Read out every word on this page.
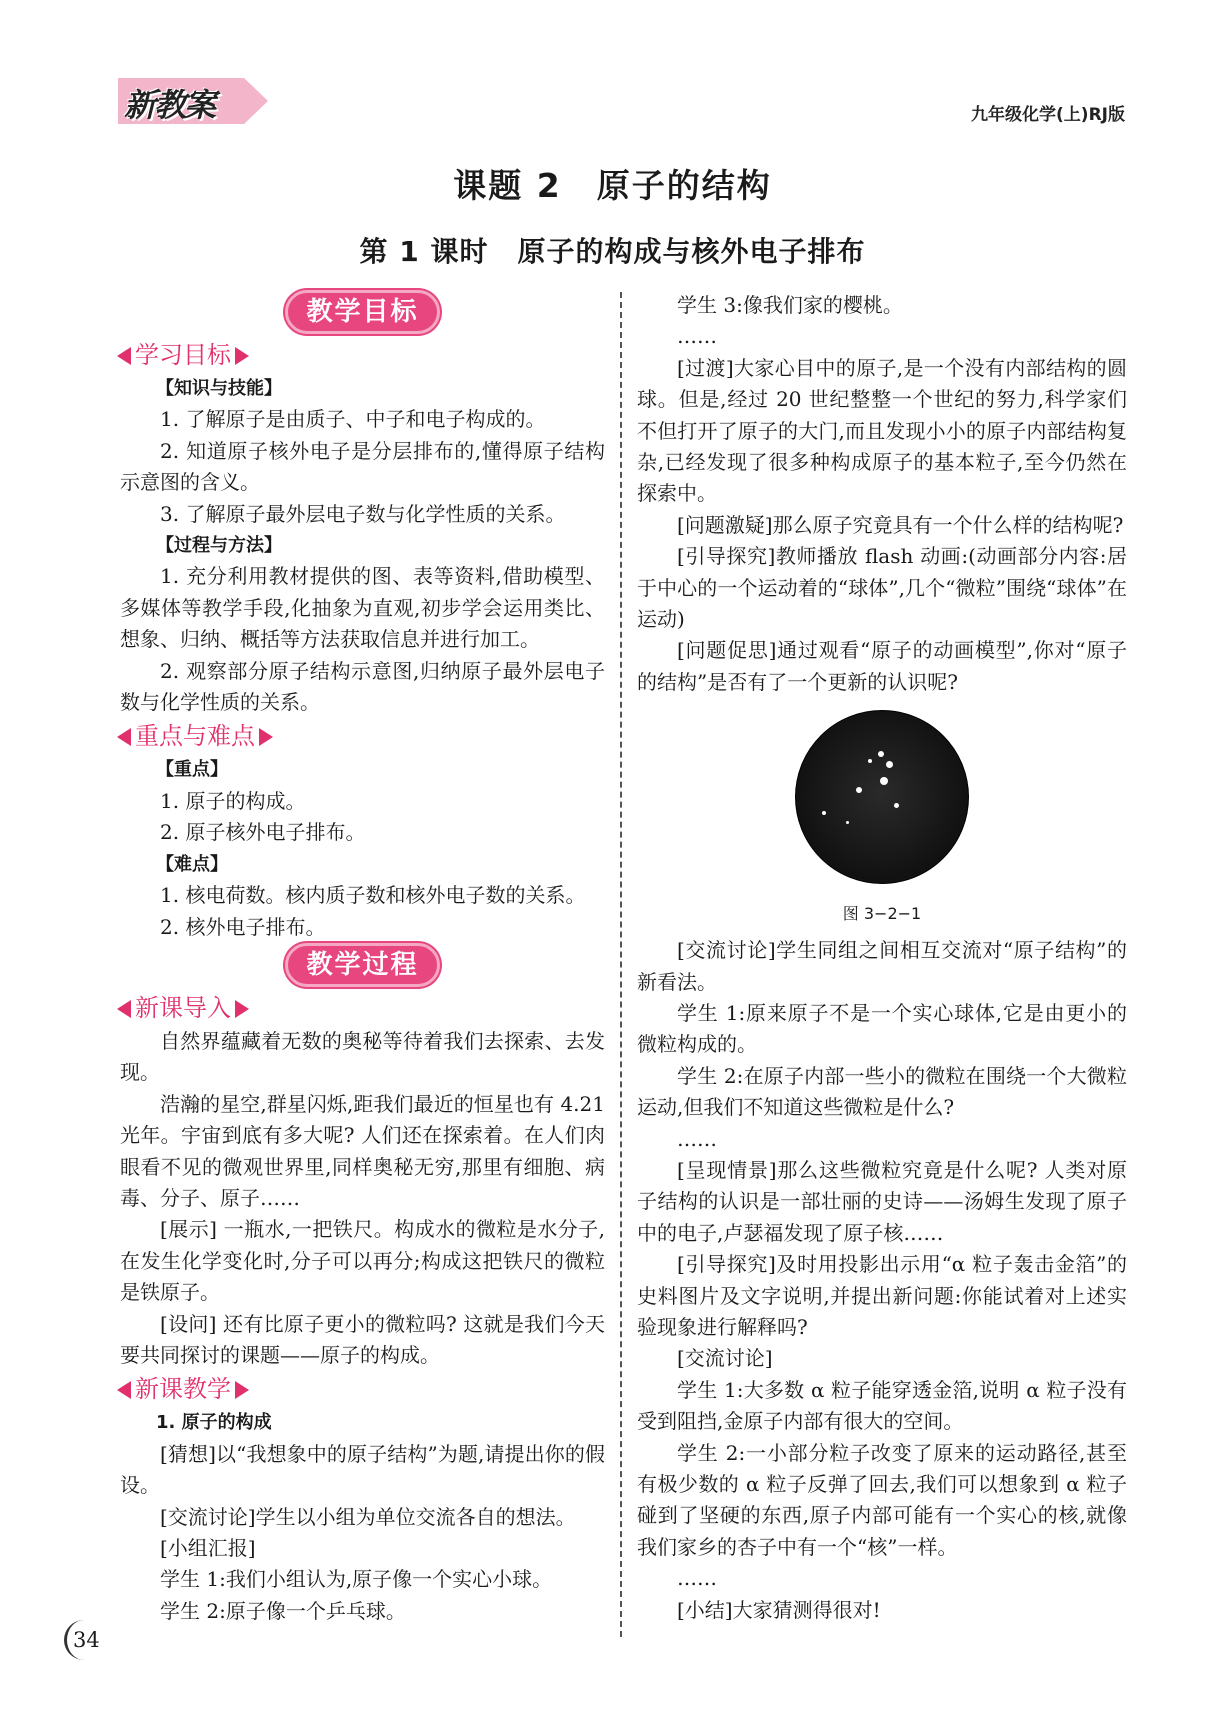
新教案	九年级化学(上)RJ版
课题 2　原子的结构
第 1 课时　原子的构成与核外电子排布
教学目标
学习目标

【知识与技能】

1. 了解原子是由质子、中子和电子构成的。

2. 知道原子核外电子是分层排布的,懂得原子结构示意图的含义。

3. 了解原子最外层电子数与化学性质的关系。

【过程与方法】

1. 充分利用教材提供的图、表等资料,借助模型、多媒体等教学手段,化抽象为直观,初步学会运用类比、想象、归纳、概括等方法获取信息并进行加工。

2. 观察部分原子结构示意图,归纳原子最外层电子数与化学性质的关系。

重点与难点

【重点】

1. 原子的构成。

2. 原子核外电子排布。

【难点】

1. 核电荷数。核内质子数和核外电子数的关系。

2. 核外电子排布。

教学过程
新课导入

自然界蕴藏着无数的奥秘等待着我们去探索、去发现。

浩瀚的星空,群星闪烁,距我们最近的恒星也有 4.21 光年。宇宙到底有多大呢? 人们还在探索着。在人们肉眼看不见的微观世界里,同样奥秘无穷,那里有细胞、病毒、分子、原子……

[展示] 一瓶水,一把铁尺。构成水的微粒是水分子,在发生化学变化时,分子可以再分;构成这把铁尺的微粒是铁原子。

[设问] 还有比原子更小的微粒吗? 这就是我们今天要共同探讨的课题——原子的构成。

新课教学

1. 原子的构成

[猜想]以“我想象中的原子结构”为题,请提出你的假设。

[交流讨论]学生以小组为单位交流各自的想法。

[小组汇报]

学生 1:我们小组认为,原子像一个实心小球。

学生 2:原子像一个乒乓球。

学生 3:像我们家的樱桃。

……

[过渡]大家心目中的原子,是一个没有内部结构的圆球。但是,经过 20 世纪整整一个世纪的努力,科学家们不但打开了原子的大门,而且发现小小的原子内部结构复杂,已经发现了很多种构成原子的基本粒子,至今仍然在探索中。

[问题激疑]那么原子究竟具有一个什么样的结构呢?

[引导探究]教师播放 flash 动画:(动画部分内容:居于中心的一个运动着的“球体”,几个“微粒”围绕“球体”在运动)

[问题促思]通过观看“原子的动画模型”,你对“原子的结构”是否有了一个更新的认识呢?

图 3−2−1

[交流讨论]学生同组之间相互交流对“原子结构”的新看法。

学生 1:原来原子不是一个实心球体,它是由更小的微粒构成的。

学生 2:在原子内部一些小的微粒在围绕一个大微粒运动,但我们不知道这些微粒是什么?

……

[呈现情景]那么这些微粒究竟是什么呢? 人类对原子结构的认识是一部壮丽的史诗——汤姆生发现了原子中的电子,卢瑟福发现了原子核……

[引导探究]及时用投影出示用“α 粒子轰击金箔”的史料图片及文字说明,并提出新问题:你能试着对上述实验现象进行解释吗?

[交流讨论]

学生 1:大多数 α 粒子能穿透金箔,说明 α 粒子没有受到阻挡,金原子内部有很大的空间。

学生 2:一小部分粒子改变了原来的运动路径,甚至有极少数的 α 粒子反弹了回去,我们可以想象到 α 粒子碰到了坚硬的东西,原子内部可能有一个实心的核,就像我们家乡的杏子中有一个“核”一样。

……

[小结]大家猜测得很对!

34
